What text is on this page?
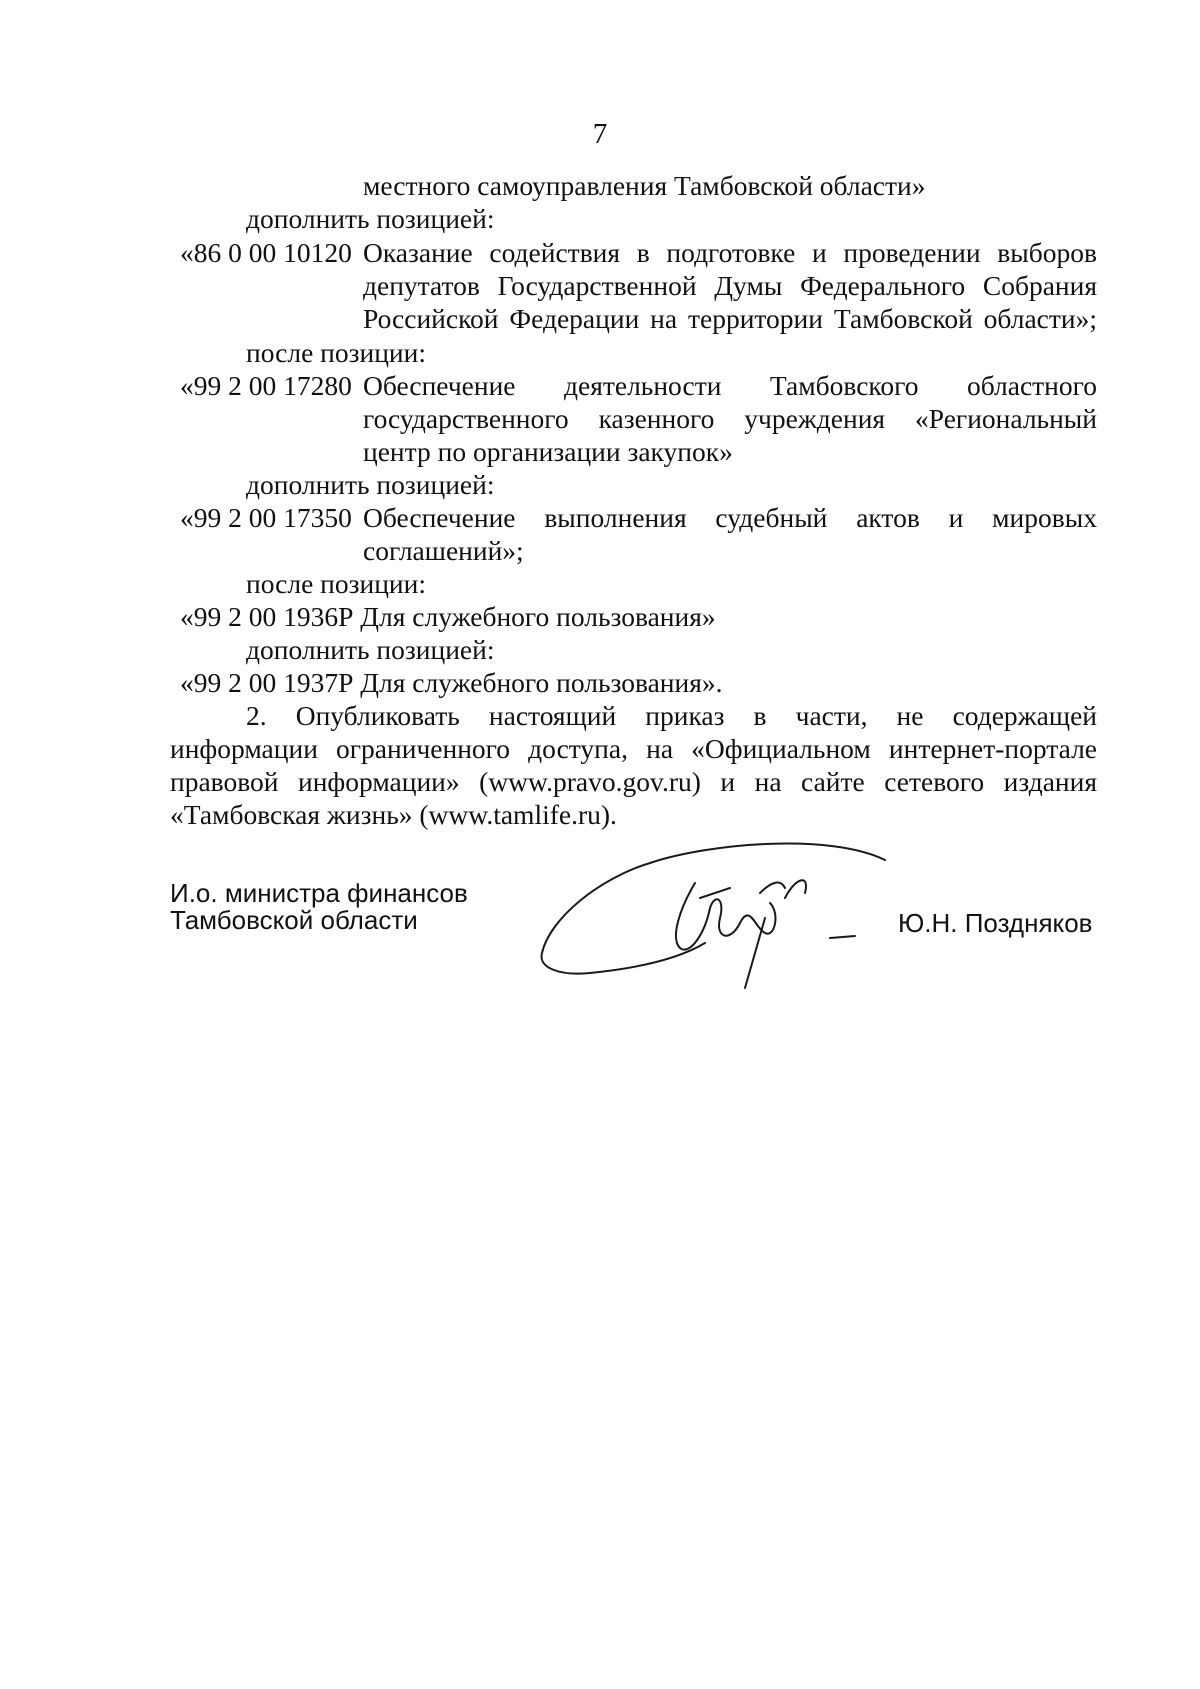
7
местного самоуправления Тамбовской области»
дополнить позицией:
«86 0 00 10120 Оказание содействия в подготовке и проведении выборов
депутатов Государственной Думы Федерального Собрания
Российской Федерации на территории Тамбовской области»;
после позиции:
«99 2 00 17280 Обеспечение деятельности Тамбовского областного
государственного казенного учреждения «Региональный
центр по организации закупок»
дополнить позицией:
«99 2 00 17350 Обеспечение выполнения судебный актов и мировых
соглашений»;
после позиции:
«99 2 00 1936Р Для служебного пользования»
дополнить позицией:
«99 2 00 1937Р Для служебного пользования».
2. Опубликовать настоящий приказ в части, не содержащей
информации ограниченного доступа, на «Официальном интернет-портале
правовой информации» (www.pravo.gov.ru) и на сайте сетевого издания
«Тамбовская жизнь» (www.tamlife.ru).
И.о. министра финансов
Тамбовской области	Ю.Н. Поздняков
